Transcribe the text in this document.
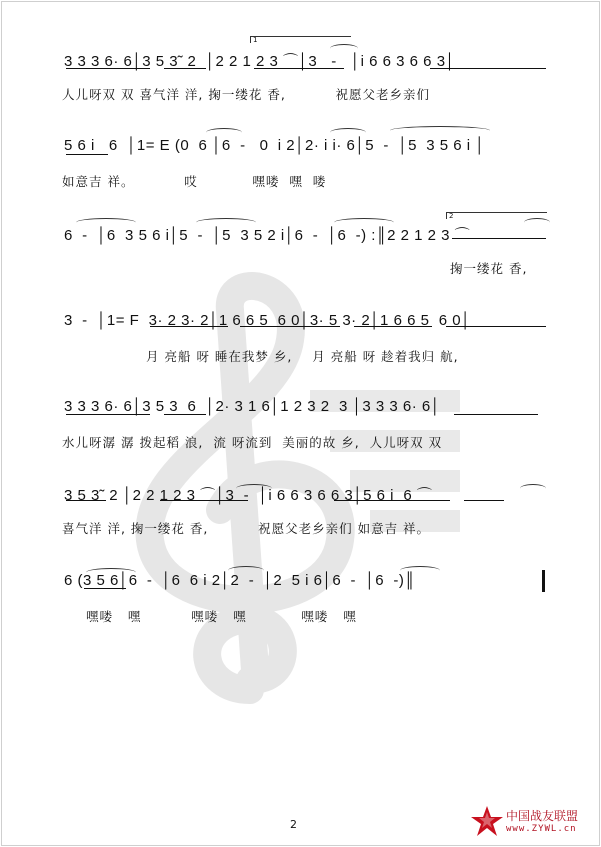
1
2
3 3 3 6· 6│3 5 3̃  2  │2 2 1 2 3 ⌒│3   -   │i 6 6 3 6 6 3│
人儿呀双 双 喜气洋 洋, 掬一缕花 香,          祝愿父老乡亲们
5 6 i   6  │1= E (0  6 │6  -   0  i 2│2· i i· 6│5  -  │5  3 5 6 i │
如意吉 祥。          哎           嘿喽  嘿  喽
6  -  │6  3 5 6 i│5  -  │5  3 5 2 i│6  -  │6  -) :║2 2 1 2 3 ⌒
掬一缕花 香,
3  -  │1= F  3· 2 3· 2│1 6 6 5  6 0│3· 5 3· 2│1 6 6 5  6 0│
月 亮船 呀 睡在我梦 乡,    月 亮船 呀 趁着我归 航,
3 3 3 6· 6│3 5 3  6  │2· 3 1 6│1 2 3 2  3 │3 3 3 6· 6│
水儿呀潺 潺 拨起稻 浪,  流 呀流到  美丽的故 乡,  人儿呀双 双
3 5 3̃  2 │2 2 1 2 3 ⌒│3  -  │i 6 6 3 6 6 3│5 6 i  6 ⌒
喜气洋 洋, 掬一缕花 香,          祝愿父老乡亲们 如意吉 祥。
6 (3 5 6│6  -  │6  6 i 2│2  -  │2  5 i 6│6  -  │6  -)║
嘿喽   嘿          嘿喽   嘿           嘿喽   嘿
2
中国战友联盟
www.ZYWL.cn
